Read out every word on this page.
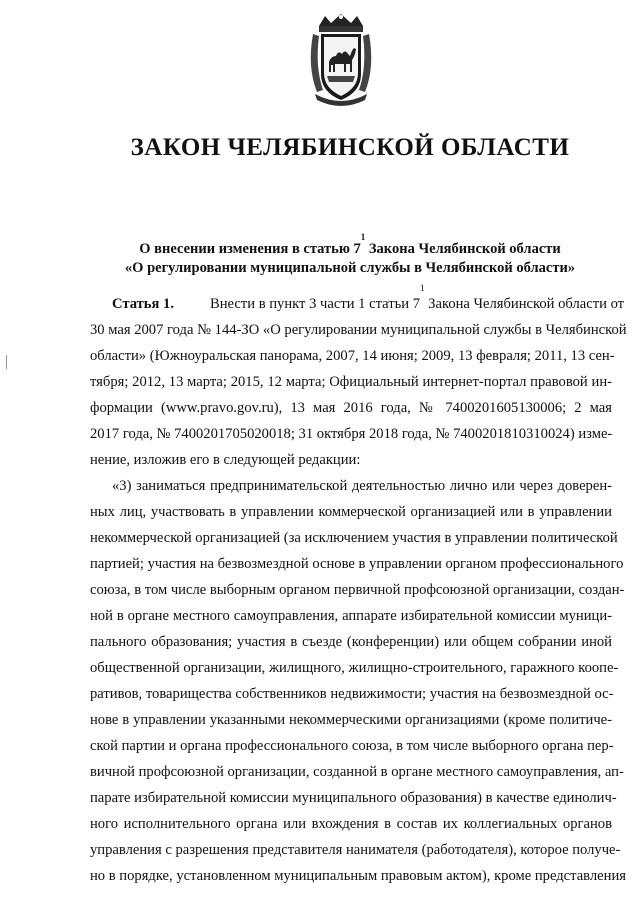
ЗАКОН ЧЕЛЯБИНСКОЙ ОБЛАСТИ
О внесении изменения в статью $7^1$ Закона Челябинской области
«О регулировании муниципальной службы в Челябинской области»
Статья 1. Внести в пункт 3 части 1 статьи $7^1$ Закона Челябинской области от
30 мая 2007 года № 144-ЗО «О регулировании муниципальной службы в Челябинской
области» (Южноуральская панорама, 2007, 14 июня; 2009, 13 февраля; 2011, 13 сен-
тября; 2012, 13 марта; 2015, 12 марта; Официальный интернет-портал правовой ин-
формации (www.pravo.gov.ru), 13 мая 2016 года, № 7400201605130006; 2 мая
2017 года, № 7400201705020018; 31 октября 2018 года, № 7400201810310024) изме-
нение, изложив его в следующей редакции:
«3) заниматься предпринимательской деятельностью лично или через доверен-
ных лиц, участвовать в управлении коммерческой организацией или в управлении
некоммерческой организацией (за исключением участия в управлении политической
партией; участия на безвозмездной основе в управлении органом профессионального
союза, в том числе выборным органом первичной профсоюзной организации, создан-
ной в органе местного самоуправления, аппарате избирательной комиссии муници-
пального образования; участия в съезде (конференции) или общем собрании иной
общественной организации, жилищного, жилищно-строительного, гаражного коопе-
ративов, товарищества собственников недвижимости; участия на безвозмездной ос-
нове в управлении указанными некоммерческими организациями (кроме политиче-
ской партии и органа профессионального союза, в том числе выборного органа пер-
вичной профсоюзной организации, созданной в органе местного самоуправления, ап-
парате избирательной комиссии муниципального образования) в качестве единолич-
ного исполнительного органа или вхождения в состав их коллегиальных органов
управления с разрешения представителя нанимателя (работодателя), которое получе-
но в порядке, установленном муниципальным правовым актом), кроме представления
